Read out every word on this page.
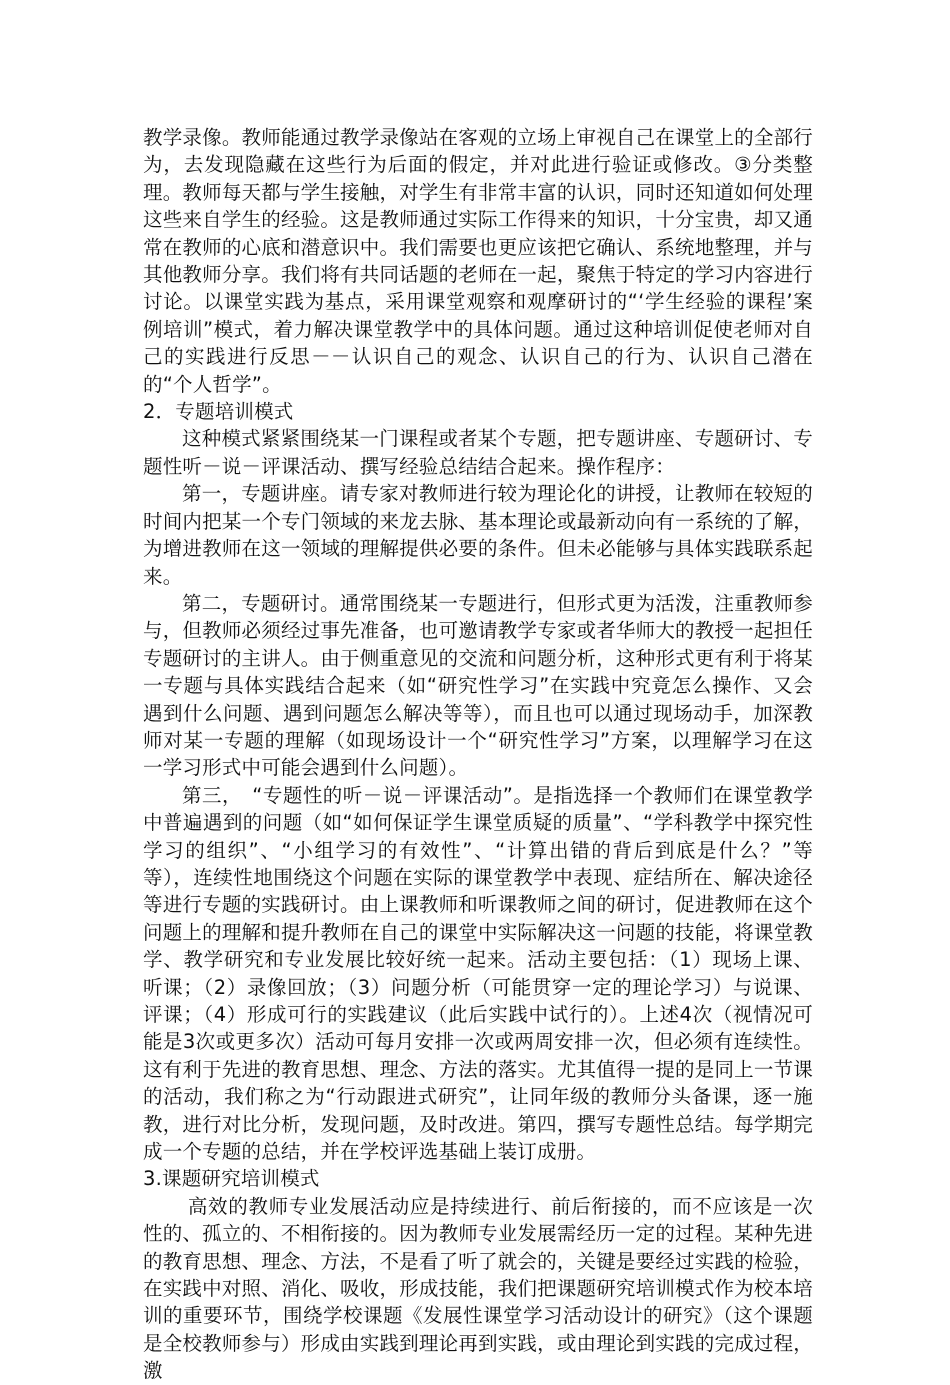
教学录像。教师能通过教学录像站在客观的立场上审视自己在课堂上的全部行为，去发现隐藏在这些行为后面的假定，并对此进行验证或修改。③分类整理。教师每天都与学生接触，对学生有非常丰富的认识，同时还知道如何处理这些来自学生的经验。这是教师通过实际工作得来的知识，十分宝贵，却又通常在教师的心底和潜意识中。我们需要也更应该把它确认、系统地整理，并与其他教师分享。我们将有共同话题的老师在一起，聚焦于特定的学习内容进行讨论。以课堂实践为基点，采用课堂观察和观摩研讨的“‘学生经验的课程’案例培训”模式，着力解决课堂教学中的具体问题。通过这种培训促使老师对自己的实践进行反思－－认识自己的观念、认识自己的行为、认识自己潜在的“个人哲学”。

2．专题培训模式

这种模式紧紧围绕某一门课程或者某个专题，把专题讲座、专题研讨、专题性听－说－评课活动、撰写经验总结结合起来。操作程序：

第一，专题讲座。请专家对教师进行较为理论化的讲授，让教师在较短的时间内把某一个专门领域的来龙去脉、基本理论或最新动向有一系统的了解，为增进教师在这一领域的理解提供必要的条件。但未必能够与具体实践联系起来。

第二，专题研讨。通常围绕某一专题进行，但形式更为活泼，注重教师参与，但教师必须经过事先准备，也可邀请教学专家或者华师大的教授一起担任专题研讨的主讲人。由于侧重意见的交流和问题分析，这种形式更有利于将某一专题与具体实践结合起来（如“研究性学习”在实践中究竟怎么操作、又会遇到什么问题、遇到问题怎么解决等等），而且也可以通过现场动手，加深教师对某一专题的理解（如现场设计一个“研究性学习”方案，以理解学习在这一学习形式中可能会遇到什么问题）。

第三，　“专题性的听－说－评课活动”。是指选择一个教师们在课堂教学中普遍遇到的问题（如“如何保证学生课堂质疑的质量”、“学科教学中探究性学习的组织”、“小组学习的有效性”、“计算出错的背后到底是什么？”等等），连续性地围绕这个问题在实际的课堂教学中表现、症结所在、解决途径等进行专题的实践研讨。由上课教师和听课教师之间的研讨，促进教师在这个问题上的理解和提升教师在自己的课堂中实际解决这一问题的技能，将课堂教学、教学研究和专业发展比较好统一起来。活动主要包括：（1）现场上课、听课；（2）录像回放；（3）问题分析（可能贯穿一定的理论学习）与说课、评课；（4）形成可行的实践建议（此后实践中试行的）。上述4次（视情况可能是3次或更多次）活动可每月安排一次或两周安排一次，但必须有连续性。这有利于先进的教育思想、理念、方法的落实。尤其值得一提的是同上一节课的活动，我们称之为“行动跟进式研究”，让同年级的教师分头备课，逐一施教，进行对比分析，发现问题，及时改进。第四，撰写专题性总结。每学期完成一个专题的总结，并在学校评选基础上装订成册。

3.课题研究培训模式

高效的教师专业发展活动应是持续进行、前后衔接的，而不应该是一次性的、孤立的、不相衔接的。因为教师专业发展需经历一定的过程。某种先进的教育思想、理念、方法，不是看了听了就会的，关键是要经过实践的检验，在实践中对照、消化、吸收，形成技能，我们把课题研究培训模式作为校本培训的重要环节，围绕学校课题《发展性课堂学习活动设计的研究》（这个课题是全校教师参与）形成由实践到理论再到实践，或由理论到实践的完成过程，激
